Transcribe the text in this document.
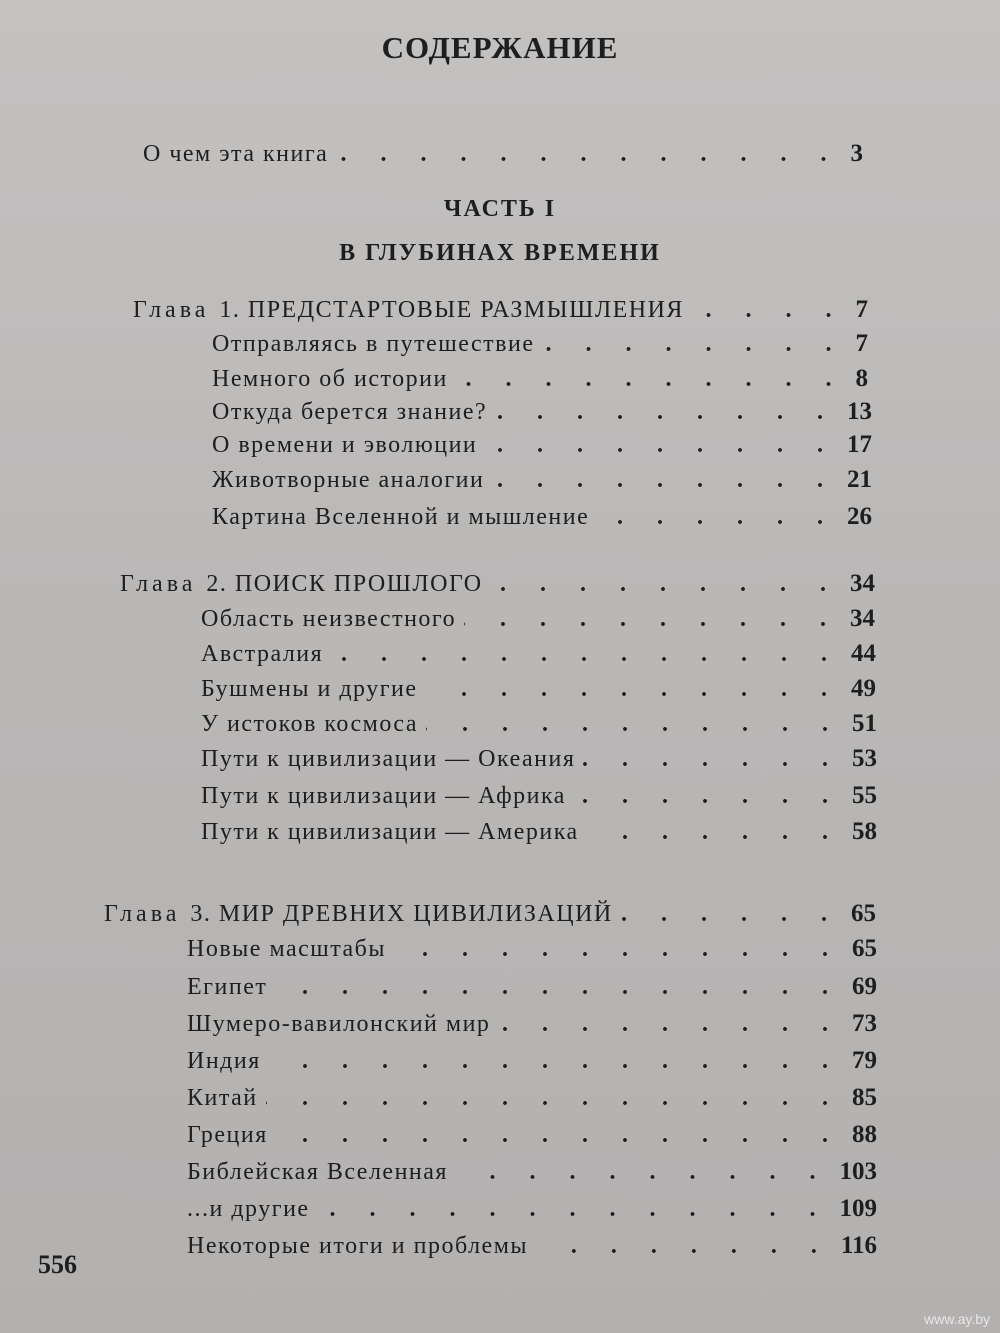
СОДЕРЖАНИЕ
О чем эта книга . . .	3
ЧАСТЬ I
В ГЛУБИНАХ ВРЕМЕНИ
Глава 1. ПРЕДСТАРТОВЫЕ РАЗМЫШЛЕНИЯ . . .	7
Отправляясь в путешествие . . .	7
Немного об истории . . .	8
Откуда берется знание? . . .	13
О времени и эволюции . . .	17
Животворные аналогии . . .	21
Картина Вселенной и мышление . . .	26
Глава 2. ПОИСК ПРОШЛОГО . . .	34
Область неизвестного . . .	34
Австралия . . .	44
Бушмены и другие . . .	49
У истоков космоса . . .	51
Пути к цивилизации — Океания . . .	53
Пути к цивилизации — Африка . . .	55
Пути к цивилизации — Америка . . .	58
Глава 3. МИР ДРЕВНИХ ЦИВИЛИЗАЦИЙ . . .	65
Новые масштабы . . .	65
Египет . . .	69
Шумеро-вавилонский мир . . .	73
Индия . . .	79
Китай . . .	85
Греция . . .	88
Библейская Вселенная . . .	103
...и другие . . .	109
Некоторые итоги и проблемы . . .	116
556
www.ay.by
